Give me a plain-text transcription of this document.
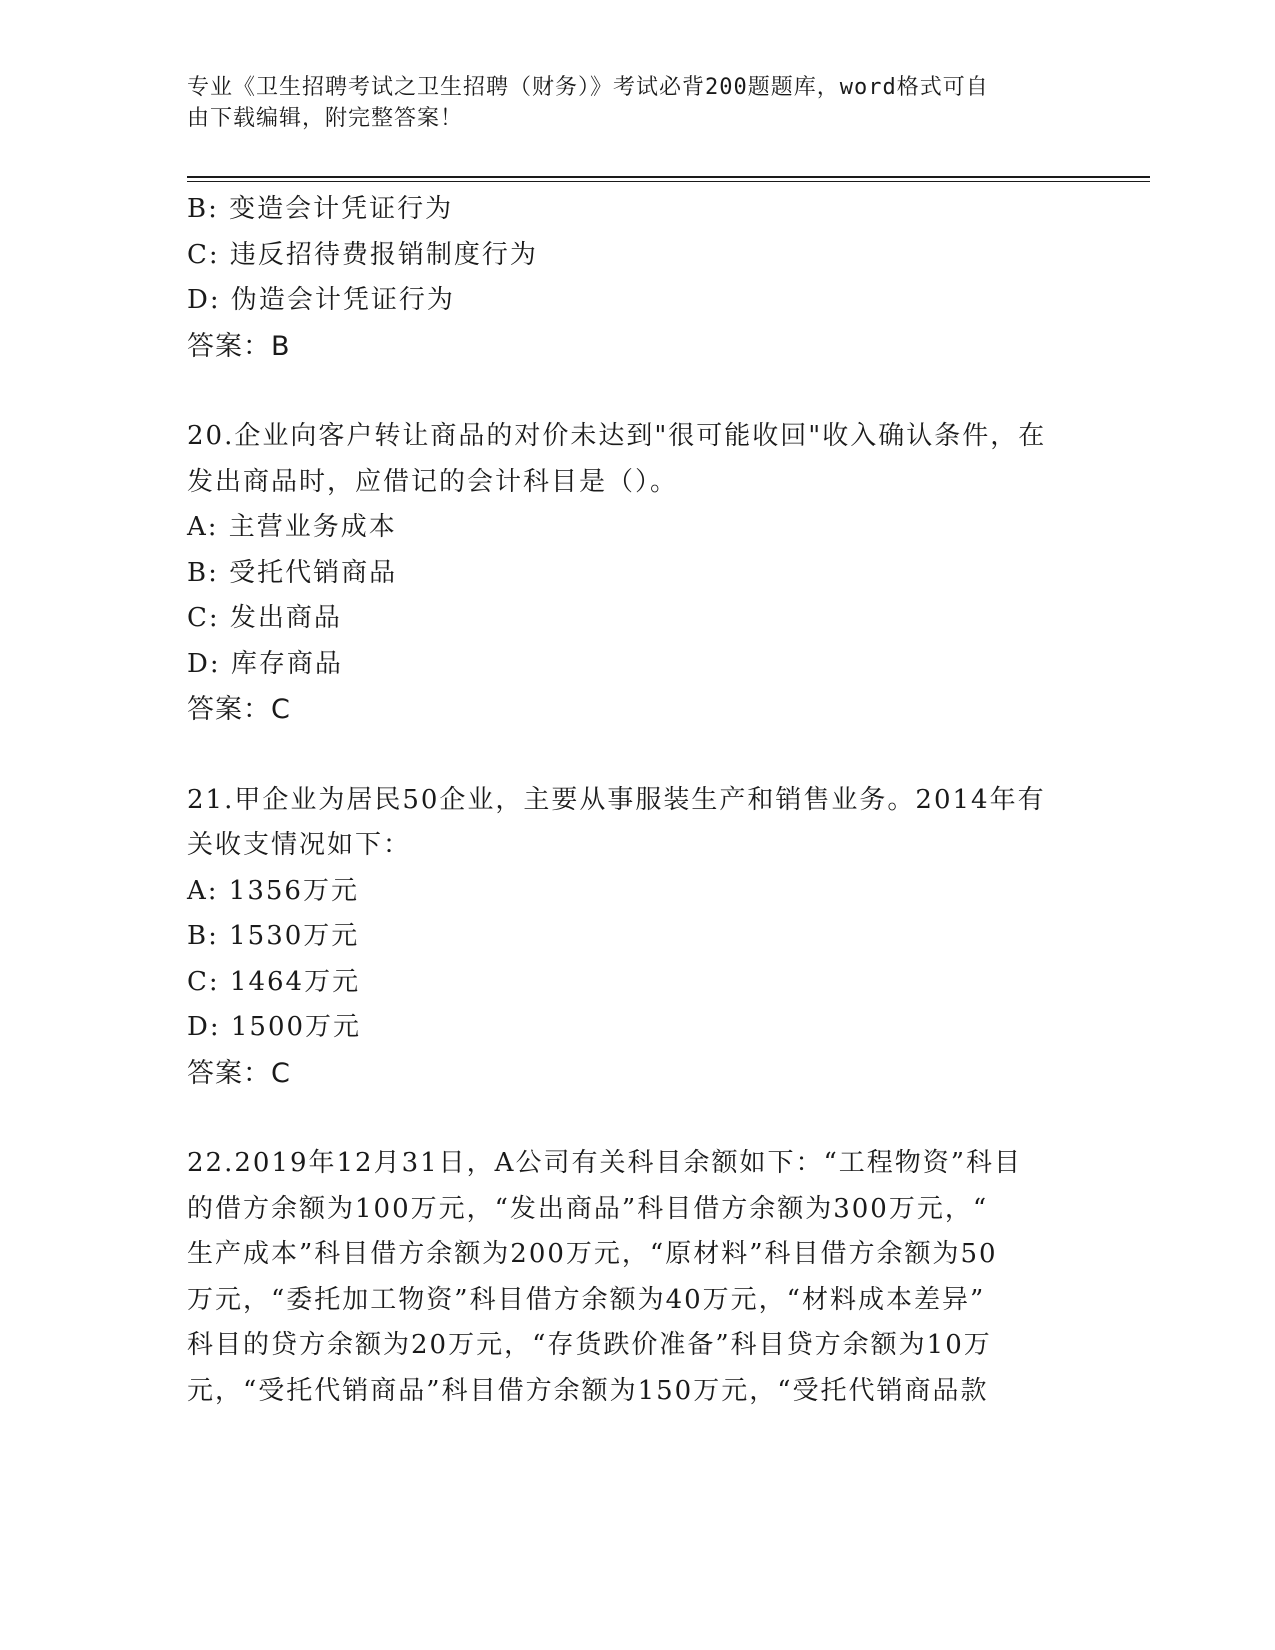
专业《卫生招聘考试之卫生招聘（财务）》考试必背200题题库，word格式可自
由下载编辑，附完整答案！
B: 变造会计凭证行为
C: 违反招待费报销制度行为
D: 伪造会计凭证行为
答案：B
20.企业向客户转让商品的对价未达到"很可能收回"收入确认条件，在
发出商品时，应借记的会计科目是（）。
A: 主营业务成本
B: 受托代销商品
C: 发出商品
D: 库存商品
答案：C
21.甲企业为居民50企业，主要从事服装生产和销售业务。2014年有
关收支情况如下：
A: 1356万元
B: 1530万元
C: 1464万元
D: 1500万元
答案：C
22.2019年12月31日，A公司有关科目余额如下：“工程物资”科目
的借方余额为100万元，“发出商品”科目借方余额为300万元，“
生产成本”科目借方余额为200万元，“原材料”科目借方余额为50
万元，“委托加工物资”科目借方余额为40万元，“材料成本差异”
科目的贷方余额为20万元，“存货跌价准备”科目贷方余额为10万
元，“受托代销商品”科目借方余额为150万元，“受托代销商品款
